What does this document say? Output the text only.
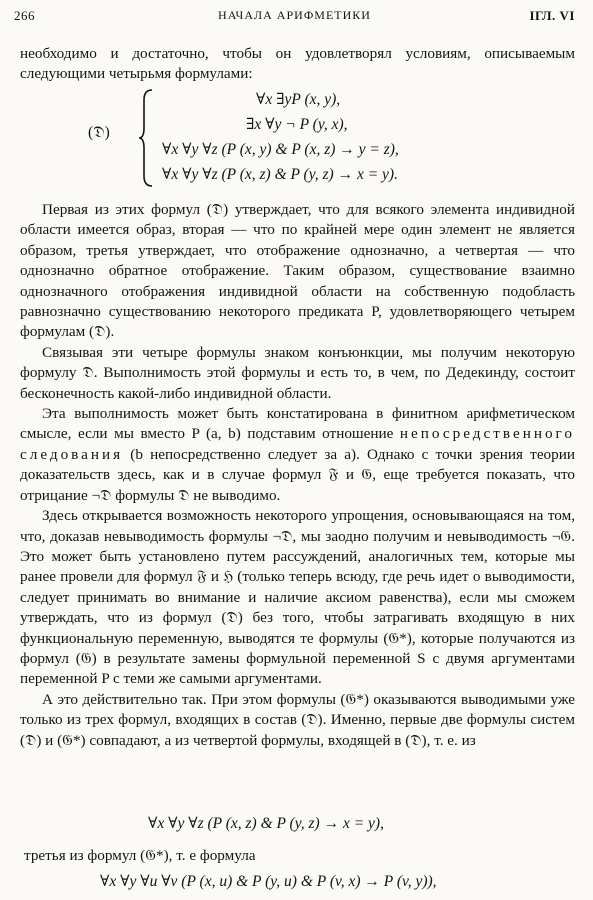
266	НАЧАЛА АРИФМЕТИКИ	ΙГЛ. VI

необходимо и достаточно, чтобы он удовлетворял условиям, описываемым следующими четырьмя формулами:

(𝔇)
∀x ∃yP (x, y),
∃x ∀y ¬ P (y, x),
∀x ∀y ∀z (P (x, y) & P (x, z) → y = z),
∀x ∀y ∀z (P (x, z) & P (y, z) → x = y).

Первая из этих формул (𝔇) утверждает, что для всякого элемента индивидной области имеется образ, вторая — что по крайней мере один элемент не является образом, третья утверждает, что отображение однозначно, а четвертая — что однозначно обратное отображение. Таким образом, существование взаимно однозначного отображения индивидной области на собственную подобласть равнозначно существованию некоторого предиката P, удовлетворяющего четырем формулам (𝔇).

Связывая эти четыре формулы знаком конъюнкции, мы получим некоторую формулу 𝔇. Выполнимость этой формулы и есть то, в чем, по Дедекинду, состоит бесконечность какой-либо индивидной области.

Эта выполнимость может быть констатирована в финитном арифметическом смысле, если мы вместо P (a, b) подставим отношение непосредственного следования (b непосредственно следует за a). Однако с точки зрения теории доказательств здесь, как и в случае формул 𝔉 и 𝔊, еще требуется показать, что отрицание ¬𝔇 формулы 𝔇 не выводимо.

Здесь открывается возможность некоторого упрощения, основывающаяся на том, что, доказав невыводимость формулы ¬𝔇, мы заодно получим и невыводимость ¬𝔊. Это может быть установлено путем рассуждений, аналогичных тем, которые мы ранее провели для формул 𝔉 и ℌ (только теперь всюду, где речь идет о выводимости, следует принимать во внимание и наличие аксиом равенства), если мы сможем утверждать, что из формул (𝔇) без того, чтобы затрагивать входящую в них функциональную переменную, выводятся те формулы (𝔊*), которые получаются из формул (𝔊) в результате замены формульной переменной S с двумя аргументами переменной P с теми же самыми аргументами.

А это действительно так. При этом формулы (𝔊*) оказываются выводимыми уже только из трех формул, входящих в состав (𝔇). Именно, первые две формулы систем (𝔇) и (𝔊*) совпадают, а из четвертой формулы, входящей в (𝔇), т. е. из

∀x ∀y ∀z (P (x, z) & P (y, z) → x = y),

третья из формул (𝔊*), т. е формула

∀x ∀y ∀u ∀v (P (x, u) & P (y, u) & P (v, x) → P (v, y)),
